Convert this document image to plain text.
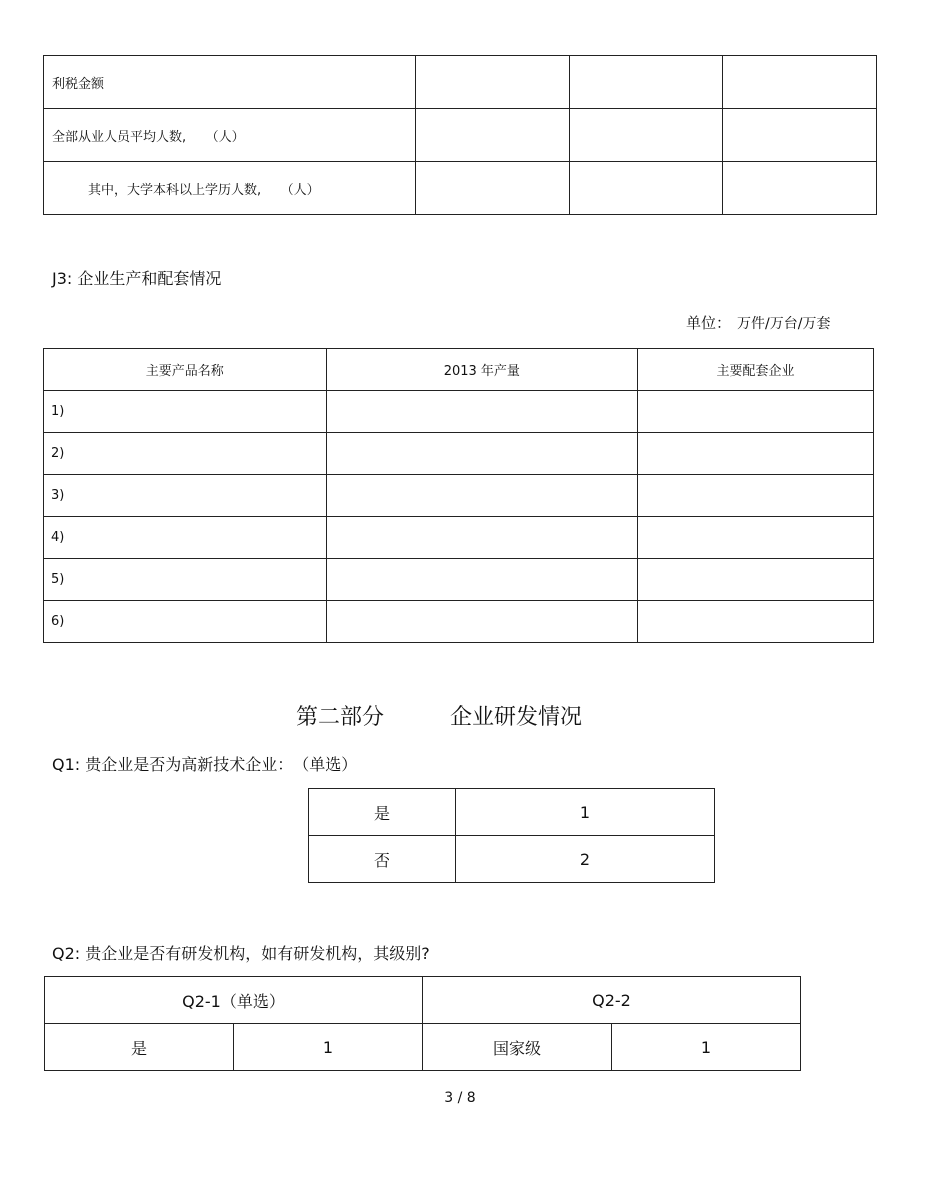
利税金额			
全部从业人员平均人数,　　（人）			
其中，大学本科以上学历人数,　　（人）			
J3: 企业生产和配套情况
单位： 万件/万台/万套
主要产品名称	2013 年产量	主要配套企业
1)		
2)		
3)		
4)		
5)		
6)		
第二部分	企业研发情况
Q1: 贵企业是否为高新技术企业：　（单选）
是	1
否	2
Q2: 贵企业是否有研发机构，如有研发机构，其级别?
Q2-1（单选）		Q2-2	
是	1	国家级	1
3 / 8
